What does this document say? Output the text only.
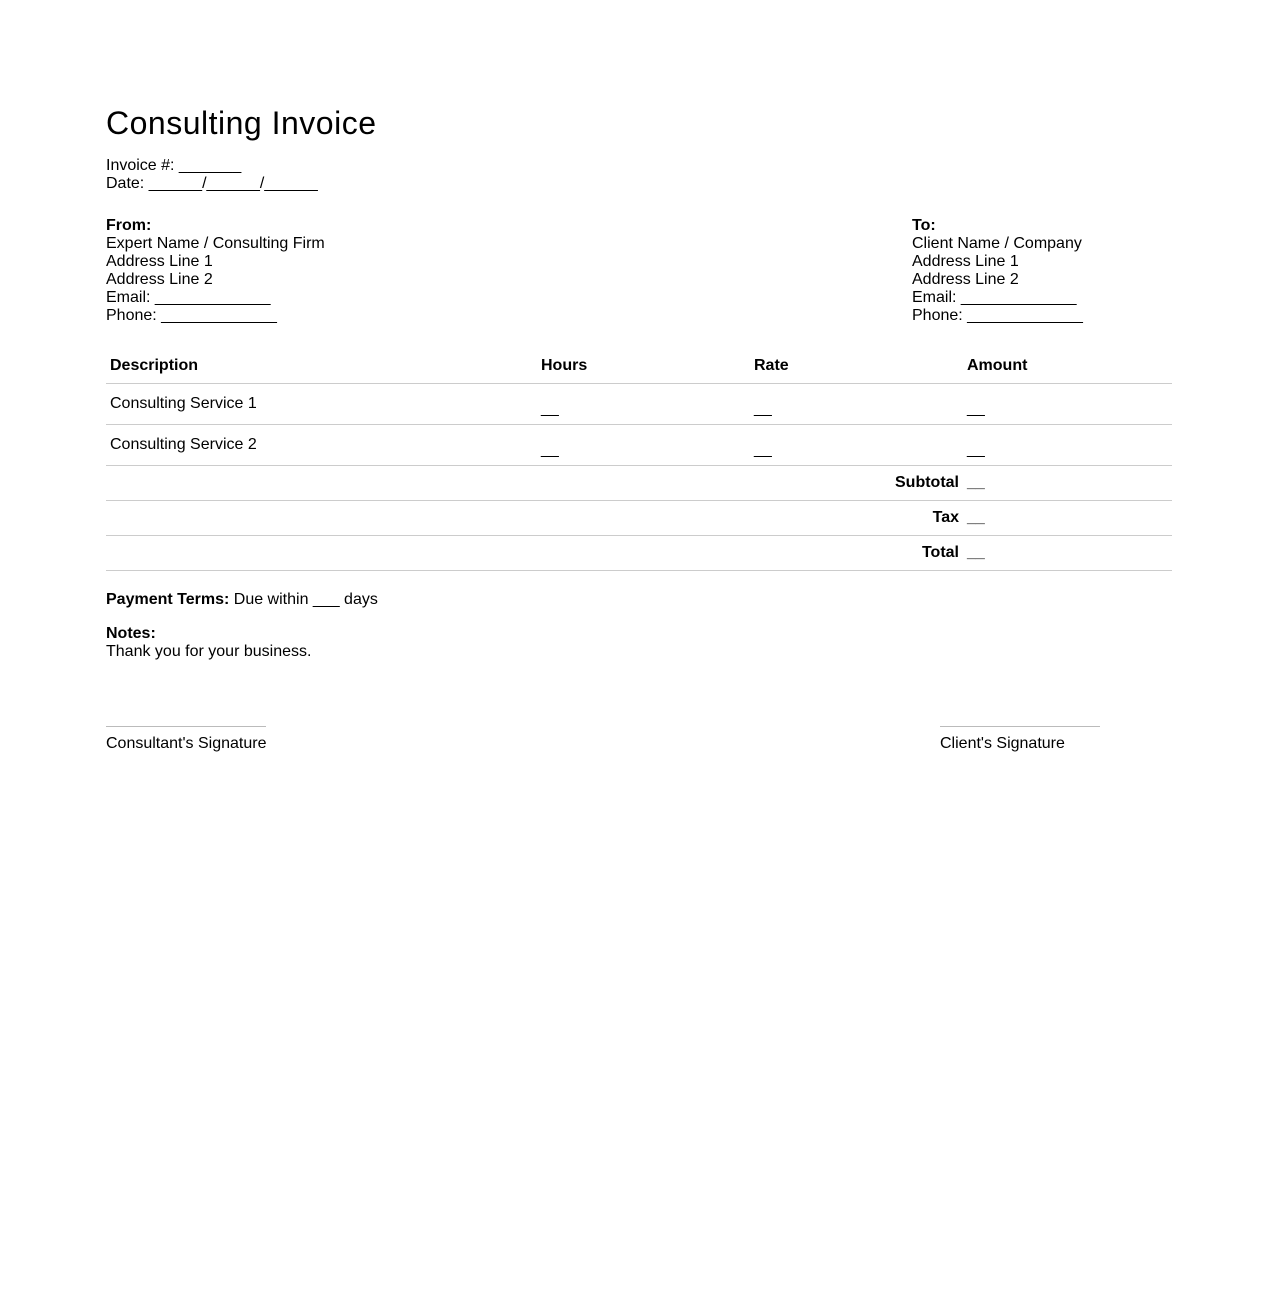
Consulting Invoice
Invoice #: _______
Date: ______/______/______
From:
Expert Name / Consulting Firm
Address Line 1
Address Line 2
Email: _____________
Phone: _____________
To:
Client Name / Company
Address Line 1
Address Line 2
Email: _____________
Phone: _____________
Description	Hours	Rate	Amount
Consulting Service 1	__	__	__
Consulting Service 2	__	__	__
Subtotal			__
Tax			__
Total			__
Payment Terms: Due within ___ days
Notes:
Thank you for your business.
Consultant's Signature	Client's Signature
